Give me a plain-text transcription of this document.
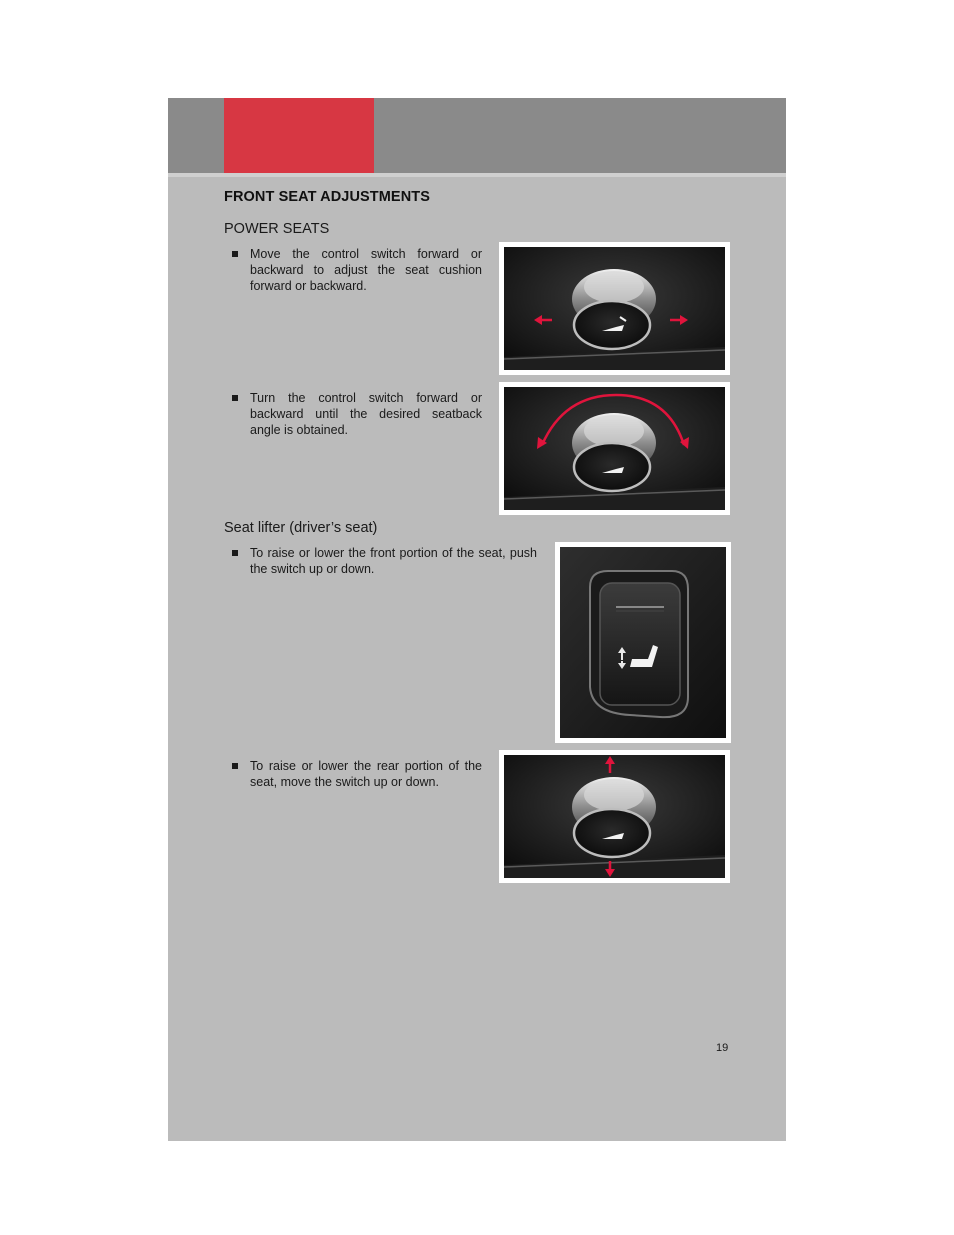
FRONT SEAT ADJUSTMENTS
POWER SEATS
Move the control switch forward or backward to adjust the seat cushion forward or backward.
Turn the control switch forward or backward until the desired seatback angle is obtained.
Seat lifter (driver’s seat)
To raise or lower the front portion of the seat, push the switch up or down.
To raise or lower the rear portion of the seat, move the switch up or down.
19
